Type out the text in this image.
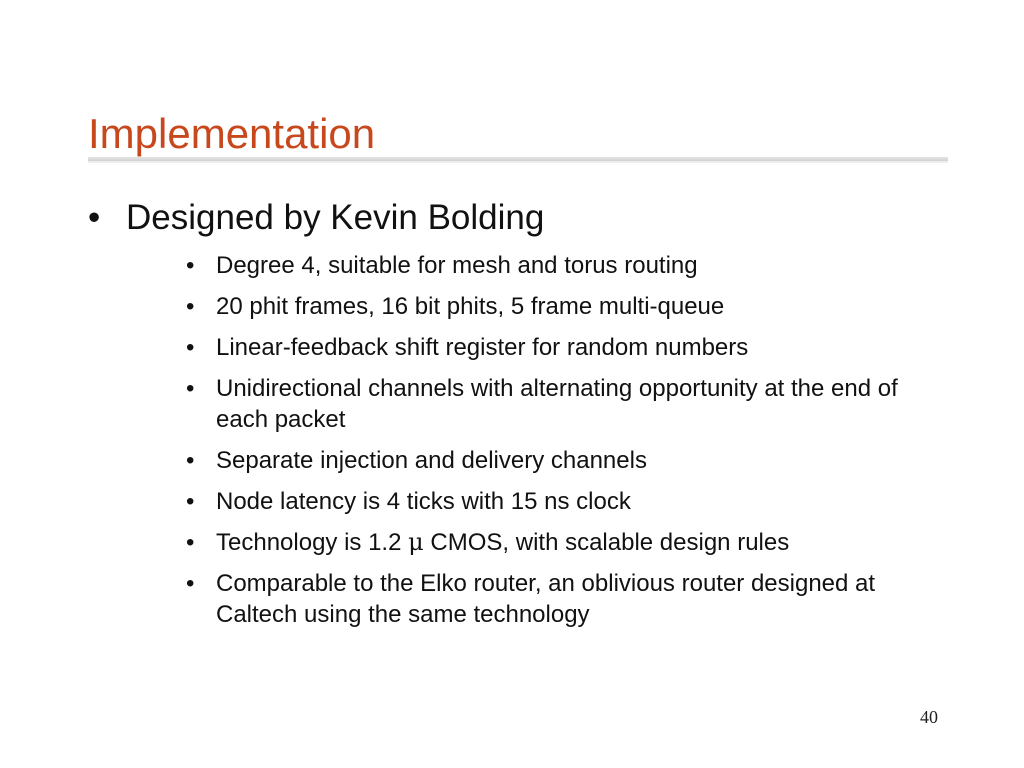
Implementation
• Designed by Kevin Bolding
• Degree 4, suitable for mesh and torus routing
• 20 phit frames, 16 bit phits, 5 frame multi-queue
• Linear-feedback shift register for random numbers
• Unidirectional channels with alternating opportunity at the end of each packet
• Separate injection and delivery channels
• Node latency is 4 ticks with 15 ns clock
• Technology is 1.2 μ CMOS, with scalable design rules
• Comparable to the Elko router, an oblivious router designed at Caltech using the same technology
40
